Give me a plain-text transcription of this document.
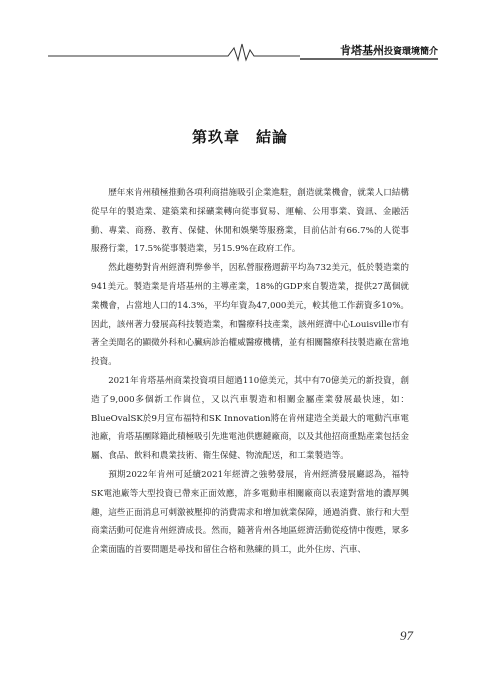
肯塔基州投資環境簡介
第玖章　結論

歷年來肯州積極推動各項利商措施吸引企業進駐，創造就業機會，就業人口結構從早年的製造業、建築業和採礦業轉向從事貿易、運輸、公用事業、資訊、金融活動、專業、商務、教育、保健、休閒和娛樂等服務業，目前佔計有66.7%的人從事服務行業，17.5%從事製造業，另15.9%在政府工作。

然此趨勢對肯州經濟利弊參半，因私營服務週薪平均為732美元，低於製造業的941美元。製造業是肯塔基州的主導產業，18%的GDP來自製造業，提供27萬個就業機會，占當地人口的14.3%，平均年資為47,000美元，較其他工作薪資多10%。因此，該州著力發展高科技製造業，和醫療科技產業，該州經濟中心Louisville市有著全美聞名的顯微外科和心臟病診治權威醫療機構，並有相關醫療科技製造廠在當地投資。

2021年肯塔基州商業投資項目超過110億美元，其中有70億美元的新投資，創造了9,000多個新工作崗位，又以汽車製造和相關金屬產業發展最快速，如：BlueOvalSK於9月宣布福特和SK Innovation將在肯州建造全美最大的電動汽車電池廠，肯塔基團隊籍此積極吸引先進電池供應鏈廠商，以及其他招商重點產業包括金屬、食品、飲料和農業技術、衛生保健、物流配送，和工業製造等。

預期2022年肯州可延續2021年經濟之強勢發展，肯州經濟發展廳認為，福特SK電池廠等大型投資已帶來正面效應，許多電動車相關廠商以表達對當地的濃厚興趣，這些正面消息可刺激被壓抑的消費需求和增加就業保障，通過消費、旅行和大型商業活動可促進肯州經濟成長。然而，隨著肯州各地區經濟活動從疫情中復甦，眾多企業面臨的首要問題是尋找和留住合格和熟練的員工，此外住房、汽車、

97
